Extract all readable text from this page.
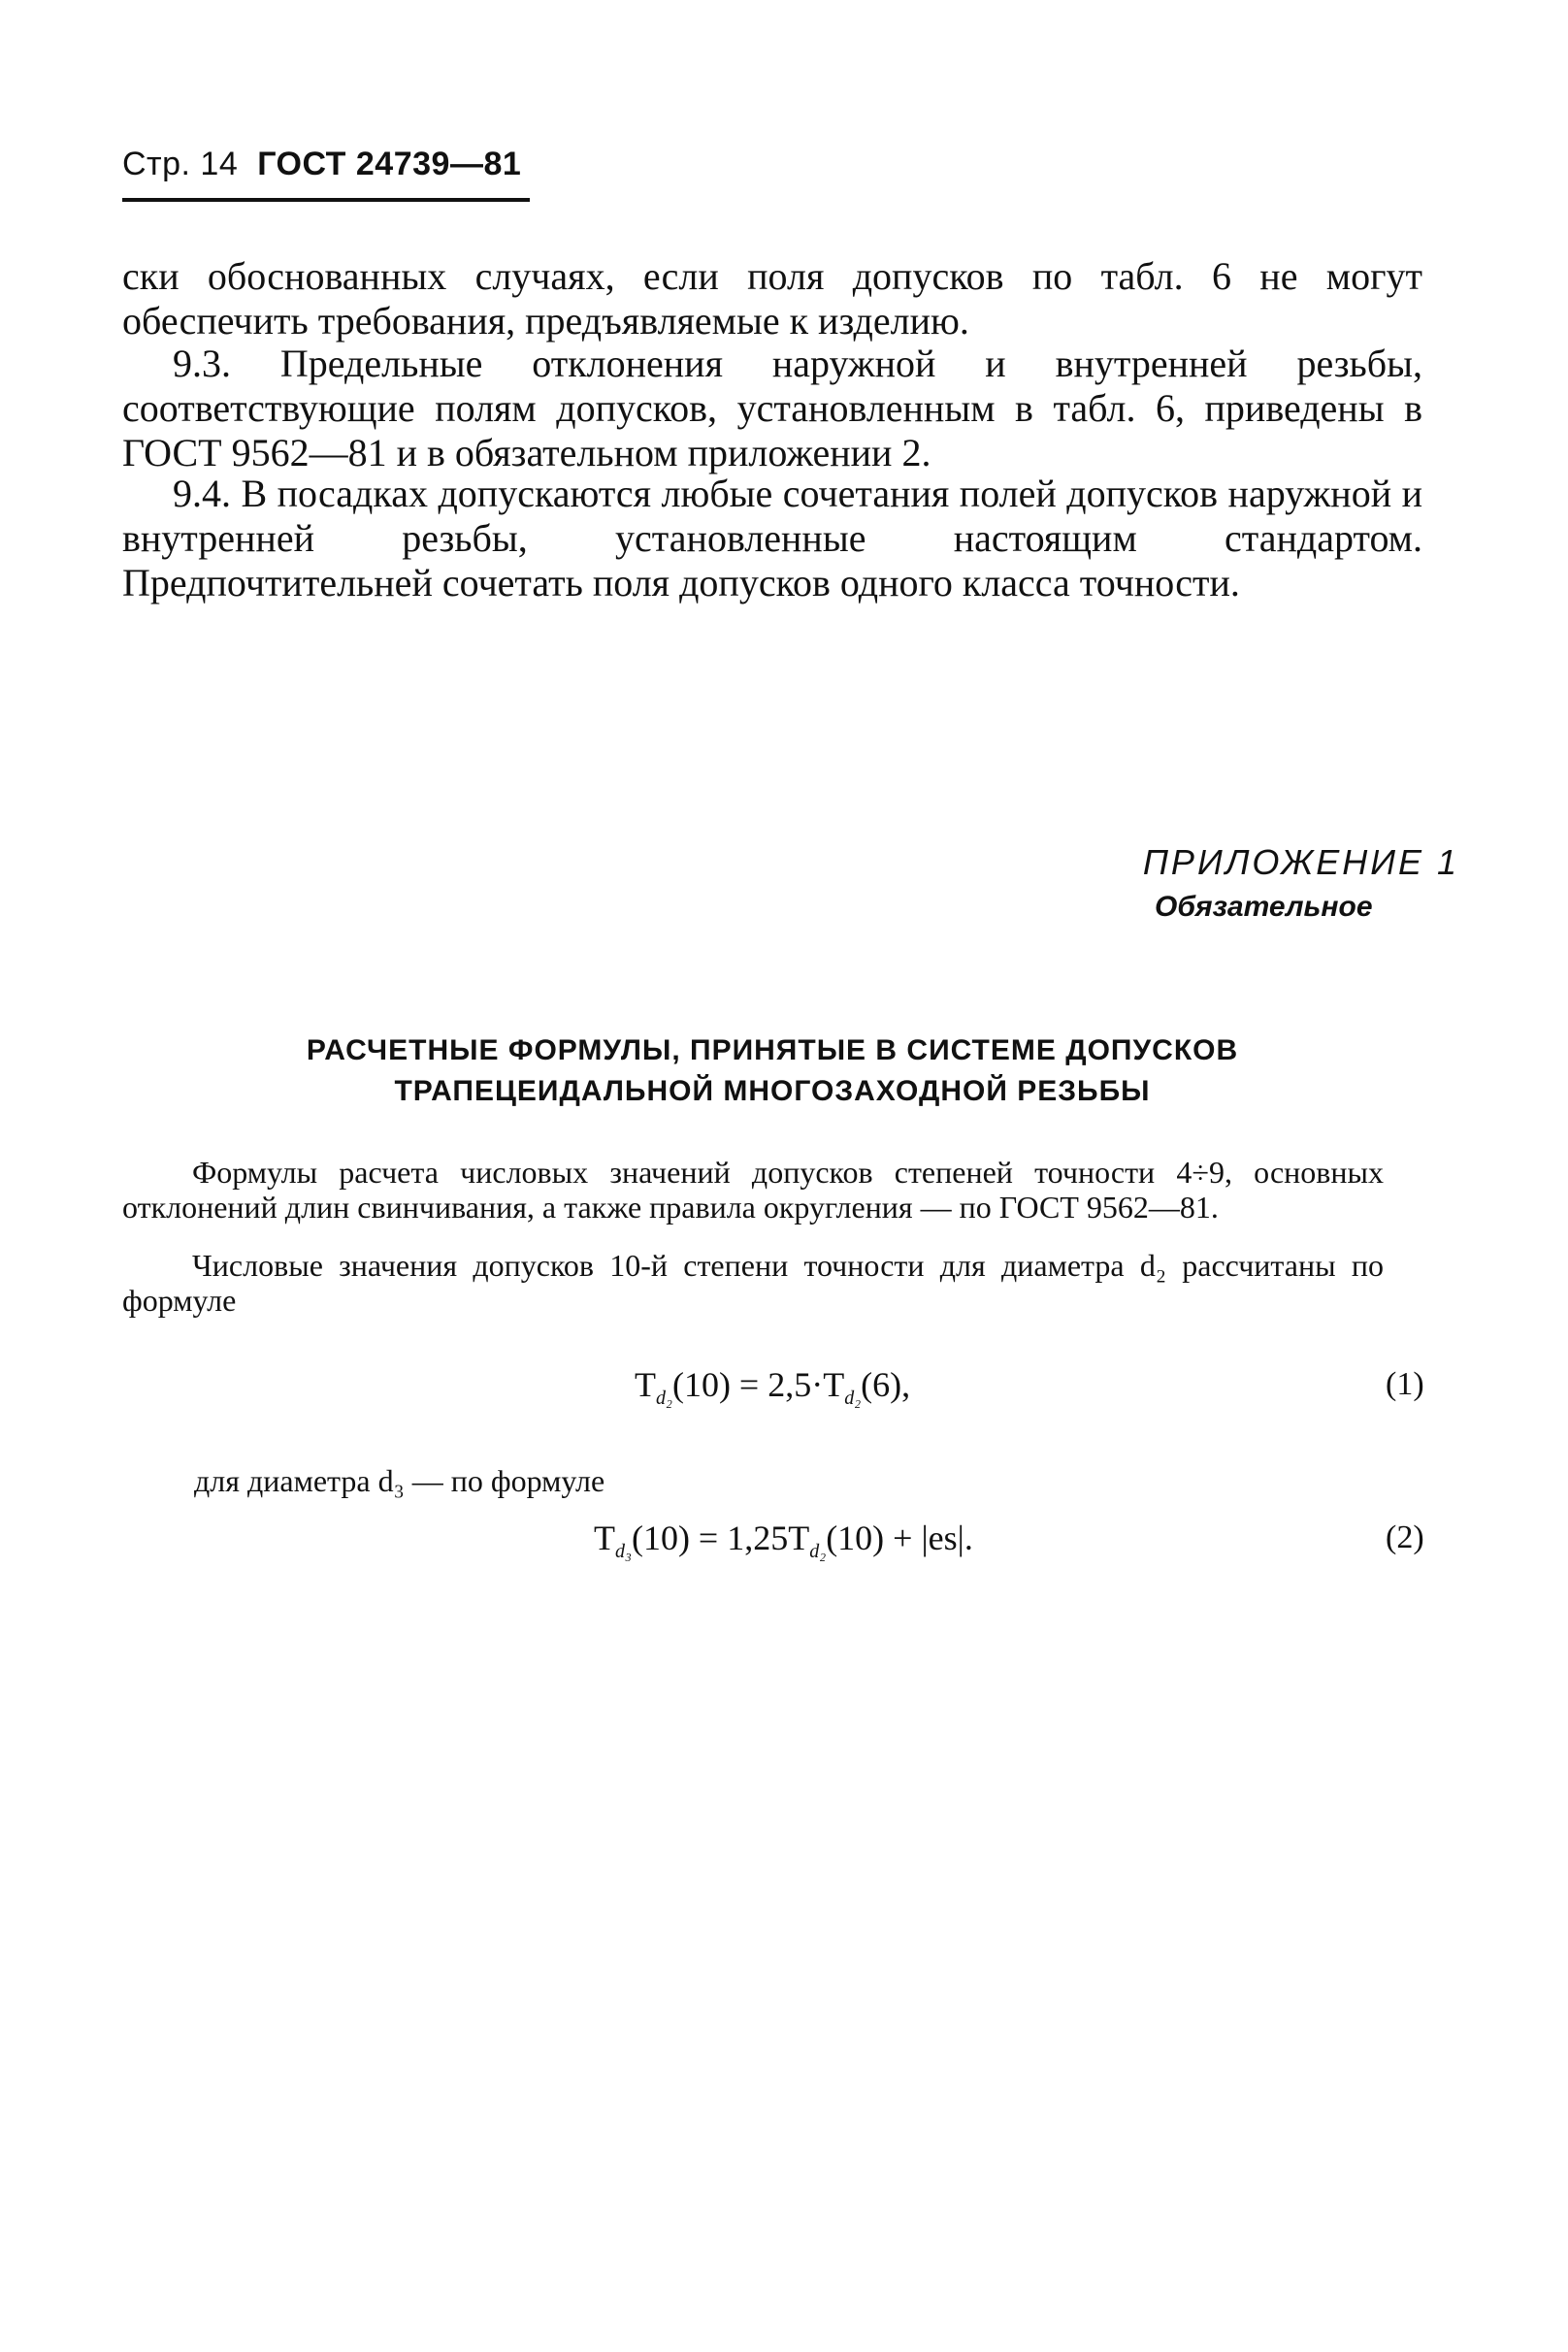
Стр. 14 ГОСТ 24739—81
ски обоснованных случаях, если поля допусков по табл. 6 не могут обеспечить требования, предъявляемые к изделию.
9.3. Предельные отклонения наружной и внутренней резьбы, соответствующие полям допусков, установленным в табл. 6, приведены в ГОСТ 9562—81 и в обязательном приложении 2.
9.4. В посадках допускаются любые сочетания полей допусков наружной и внутренней резьбы, установленные настоящим стандартом. Предпочтительней сочетать поля допусков одного класса точности.
ПРИЛОЖЕНИЕ 1
Обязательное
РАСЧЕТНЫЕ ФОРМУЛЫ, ПРИНЯТЫЕ В СИСТЕМЕ ДОПУСКОВ
ТРАПЕЦЕИДАЛЬНОЙ МНОГОЗАХОДНОЙ РЕЗЬБЫ
Формулы расчета числовых значений допусков степеней точности 4÷9, основных отклонений длин свинчивания, а также правила округления — по ГОСТ 9562—81.
Числовые значения допусков 10-й степени точности для диаметра d₂ рассчитаны по формуле
$T_{d_2}(10) = 2,5\cdot T_{d_2}(6)$,	(1)
для диаметра d₃ — по формуле
$T_{d_3}(10) = 1,25T_{d_2}(10) + |es|$.	(2)
